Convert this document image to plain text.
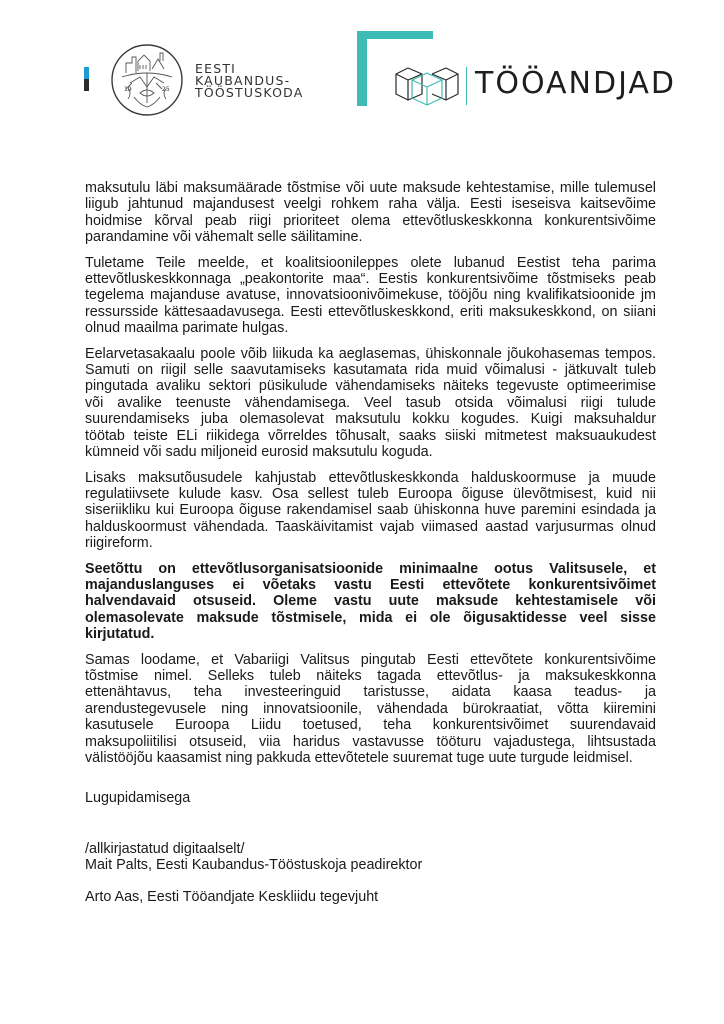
19	25
EESTI
KAUBANDUS-
TÖÖSTUSKODA	TÖÖANDJAD
maksutulu läbi maksumäärade tõstmise või uute maksude kehtestamise, mille tulemusel
liigub jahtunud majandusest veelgi rohkem raha välja. Eesti iseseisva kaitsevõime
hoidmise kõrval peab riigi prioriteet olema ettevõtluskeskkonna konkurentsivõime
parandamine või vähemalt selle säilitamine.
Tuletame Teile meelde, et koalitsioonileppes olete lubanud Eestist teha parima
ettevõtluskeskkonnaga „peakontorite maa“. Eestis konkurentsivõime tõstmiseks peab
tegelema majanduse avatuse, innovatsioonivõimekuse, tööjõu ning kvalifikatsioonide jm
ressursside kättesaadavusega. Eesti ettevõtluskeskkond, eriti maksukeskkond, on siiani
olnud maailma parimate hulgas.
Eelarvetasakaalu poole võib liikuda ka aeglasemas, ühiskonnale jõukohasemas tempos.
Samuti on riigil selle saavutamiseks kasutamata rida muid võimalusi - jätkuvalt tuleb
pingutada avaliku sektori püsikulude vähendamiseks näiteks tegevuste optimeerimise
või avalike teenuste vähendamisega. Veel tasub otsida võimalusi riigi tulude
suurendamiseks juba olemasolevat maksutulu kokku kogudes. Kuigi maksuhaldur
töötab teiste ELi riikidega võrreldes tõhusalt, saaks siiski mitmetest maksuaukudest
kümneid või sadu miljoneid eurosid maksutulu koguda.
Lisaks maksutõusudele kahjustab ettevõtluskeskkonda halduskoormuse ja muude
regulatiivsete kulude kasv. Osa sellest tuleb Euroopa õiguse ülevõtmisest, kuid nii
siseriikliku kui Euroopa õiguse rakendamisel saab ühiskonna huve paremini esindada ja
halduskoormust vähendada. Taaskäivitamist vajab viimased aastad varjusurmas olnud
riigireform.
Seetõttu on ettevõtlusorganisatsioonide minimaalne ootus Valitsusele, et
majanduslanguses ei võetaks vastu Eesti ettevõtete konkurentsivõimet
halvendavaid otsuseid. Oleme vastu uute maksude kehtestamisele või
olemasolevate maksude tõstmisele, mida ei ole õigusaktidesse veel sisse
kirjutatud.
Samas loodame, et Vabariigi Valitsus pingutab Eesti ettevõtete konkurentsivõime
tõstmise nimel. Selleks tuleb näiteks tagada ettevõtlus- ja maksukeskkonna
ettenähtavus, teha investeeringuid taristusse, aidata kaasa teadus- ja
arendustegevusele ning innovatsioonile, vähendada bürokraatiat, võtta kiiremini
kasutusele Euroopa Liidu toetused, teha konkurentsivõimet suurendavaid
maksupoliitilisi otsuseid, viia haridus vastavusse tööturu vajadustega, lihtsustada
välistööjõu kaasamist ning pakkuda ettevõtetele suuremat tuge uute turgude leidmisel.
Lugupidamisega
/allkirjastatud digitaalselt/
Mait Palts, Eesti Kaubandus-Tööstuskoja peadirektor
Arto Aas, Eesti Tööandjate Keskliidu tegevjuht
